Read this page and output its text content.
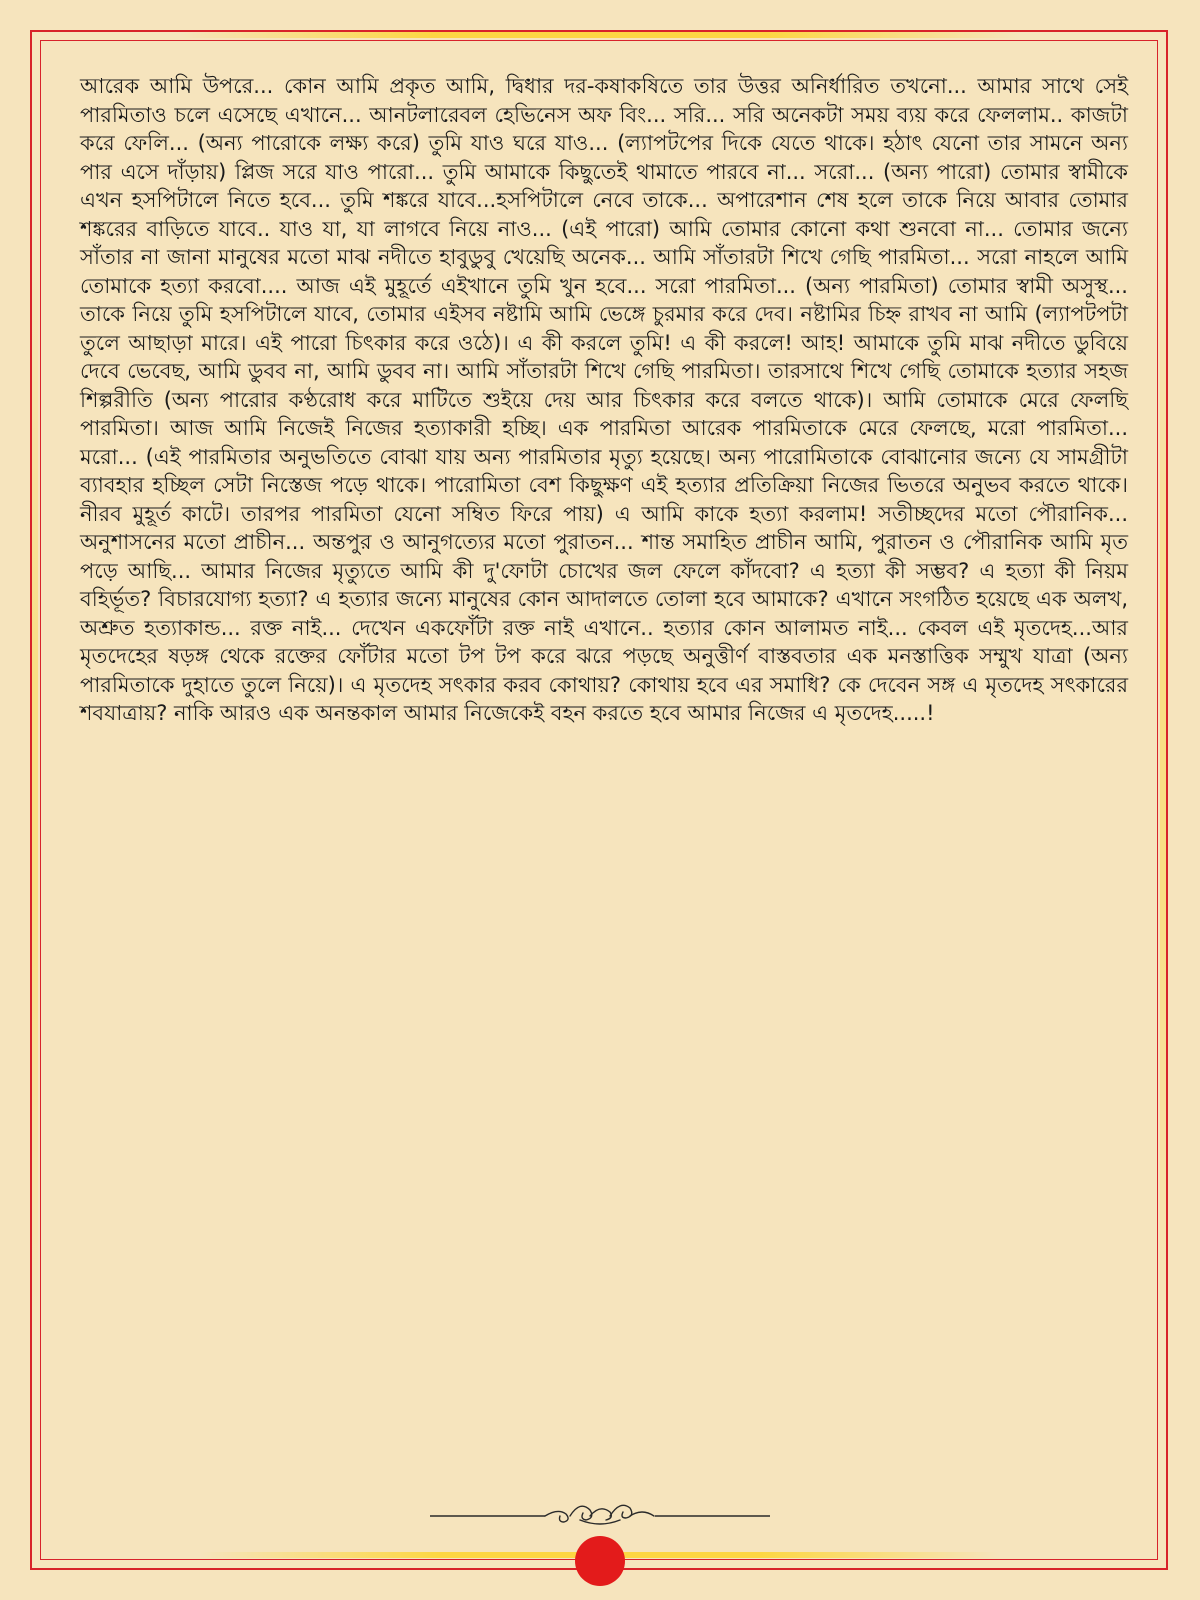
আরেক আমি উপরে... কোন আমি প্রকৃত আমি, দ্বিধার দর-কষাকষিতে তার উত্তর অনির্ধারিত তখনো... আমার সাথে সেই পারমিতাও চলে এসেছে এখানে... আনটলারেবল হেভিনেস অফ বিং... সরি... সরি অনেকটা সময় ব্যয় করে ফেললাম.. কাজটা করে ফেলি... (অন্য পারোকে লক্ষ্য করে) তুমি যাও ঘরে যাও... (ল্যাপটপের দিকে যেতে থাকে। হঠাৎ যেনো তার সামনে অন্য পার এসে দাঁড়ায়) প্লিজ সরে যাও পারো... তুমি আমাকে কিছুতেই থামাতে পারবে না... সরো... (অন্য পারো) তোমার স্বামীকে এখন হসপিটালে নিতে হবে... তুমি শঙ্করে যাবে...হসপিটালে নেবে তাকে... অপারেশান শেষ হলে তাকে নিয়ে আবার তোমার শঙ্করের বাড়িতে যাবে.. যাও যা, যা লাগবে নিয়ে নাও... (এই পারো) আমি তোমার কোনো কথা শুনবো না... তোমার জন্যে সাঁতার না জানা মানুষের মতো মাঝ নদীতে হাবুডুবু খেয়েছি অনেক... আমি সাঁতারটা শিখে গেছি পারমিতা... সরো নাহলে আমি তোমাকে হত্যা করবো.... আজ এই মুহূর্তে এইখানে তুমি খুন হবে... সরো পারমিতা... (অন্য পারমিতা) তোমার স্বামী অসুস্থ... তাকে নিয়ে তুমি হসপিটালে যাবে, তোমার এইসব নষ্টামি আমি ভেঙ্গে চুরমার করে দেব। নষ্টামির চিহ্ন রাখব না আমি (ল্যাপটপটা তুলে আছাড়া মারে। এই পারো চিৎকার করে ওঠে)। এ কী করলে তুমি! এ কী করলে! আহ! আমাকে তুমি মাঝ নদীতে ডুবিয়ে দেবে ভেবেছ, আমি ডুবব না, আমি ডুবব না। আমি সাঁতারটা শিখে গেছি পারমিতা। তারসাথে শিখে গেছি তোমাকে হত্যার সহজ শিল্পরীতি (অন্য পারোর কণ্ঠরোধ করে মাটিতে শুইয়ে দেয় আর চিৎকার করে বলতে থাকে)। আমি তোমাকে মেরে ফেলছি পারমিতা। আজ আমি নিজেই নিজের হত্যাকারী হচ্ছি। এক পারমিতা আরেক পারমিতাকে মেরে ফেলছে, মরো পারমিতা... মরো... (এই পারমিতার অনুভতিতে বোঝা যায় অন্য পারমিতার মৃত্যু হয়েছে। অন্য পারোমিতাকে বোঝানোর জন্যে যে সামগ্রীটা ব্যাবহার হচ্ছিল সেটা নিস্তেজ পড়ে থাকে। পারোমিতা বেশ কিছুক্ষণ এই হত্যার প্রতিক্রিয়া নিজের ভিতরে অনুভব করতে থাকে। নীরব মুহূর্ত কাটে। তারপর পারমিতা যেনো সম্বিত ফিরে পায়) এ আমি কাকে হত্যা করলাম! সতীচ্ছদের মতো পৌরানিক... অনুশাসনের মতো প্রাচীন... অন্তপুর ও আনুগত্যের মতো পুরাতন... শান্ত সমাহিত প্রাচীন আমি, পুরাতন ও পৌরানিক আমি মৃত পড়ে আছি... আমার নিজের মৃত্যুতে আমি কী দু'ফোটা চোখের জল ফেলে কাঁদবো? এ হত্যা কী সম্ভব? এ হত্যা কী নিয়ম বহির্ভূত? বিচারযোগ্য হত্যা? এ হত্যার জন্যে মানুষের কোন আদালতে তোলা হবে আমাকে? এখানে সংগঠিত হয়েছে এক অলখ, অশ্রুত হত্যাকান্ড... রক্ত নাই... দেখেন একফোঁটা রক্ত নাই এখানে.. হত্যার কোন আলামত নাই... কেবল এই মৃতদেহ...আর মৃতদেহের ষড়ঙ্গ থেকে রক্তের ফোঁটার মতো টপ টপ করে ঝরে পড়ছে অনুত্তীর্ণ বাস্তবতার এক মনস্তাত্তিক সম্মুখ যাত্রা (অন্য পারমিতাকে দুহাতে তুলে নিয়ে)। এ মৃতদেহ সৎকার করব কোথায়? কোথায় হবে এর সমাধি? কে দেবেন সঙ্গ এ মৃতদেহ সৎকারের শবযাত্রায়? নাকি আরও এক অনন্তকাল আমার নিজেকেই বহন করতে হবে আমার নিজের এ মৃতদেহ.....!
